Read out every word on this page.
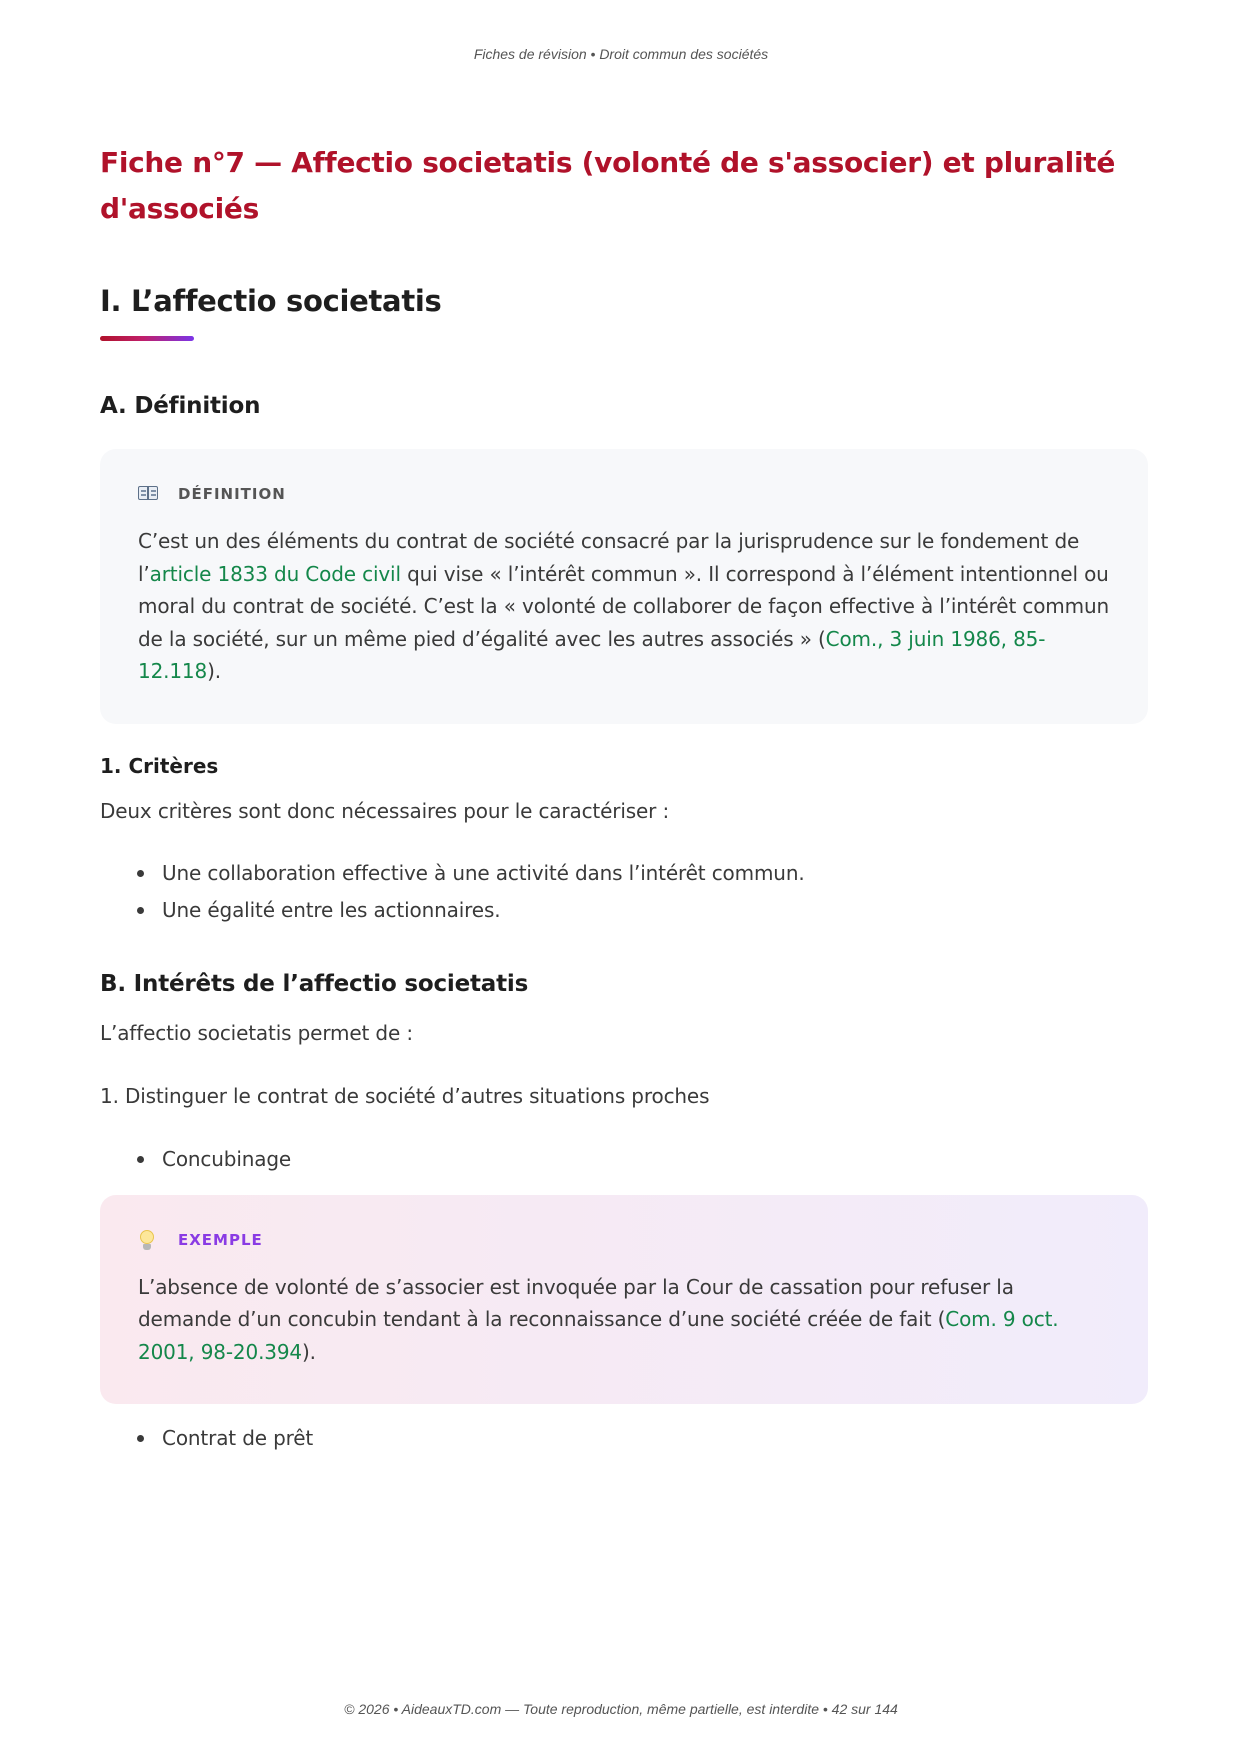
Fiches de révision • Droit commun des sociétés
Fiche n°7 — Affectio societatis (volonté de s'associer) et pluralité d'associés
I. L’affectio societatis
A. Définition
DÉFINITION
C’est un des éléments du contrat de société consacré par la jurisprudence sur le fondement de l’article 1833 du Code civil qui vise « l’intérêt commun ». Il correspond à l’élément intentionnel ou moral du contrat de société. C’est la « volonté de collaborer de façon effective à l’intérêt commun de la société, sur un même pied d’égalité avec les autres associés » (Com., 3 juin 1986, 85-12.118).
1. Critères

Deux critères sont donc nécessaires pour le caractériser :

Une collaboration effective à une activité dans l’intérêt commun.
Une égalité entre les actionnaires.
B. Intérêts de l’affectio societatis

L’affectio societatis permet de :

1. Distinguer le contrat de société d’autres situations proches

Concubinage
EXEMPLE
L’absence de volonté de s’associer est invoquée par la Cour de cassation pour refuser la demande d’un concubin tendant à la reconnaissance d’une société créée de fait (Com. 9 oct. 2001, 98-20.394).
Contrat de prêt
© 2026 • AideauxTD.com — Toute reproduction, même partielle, est interdite • 42 sur 144
